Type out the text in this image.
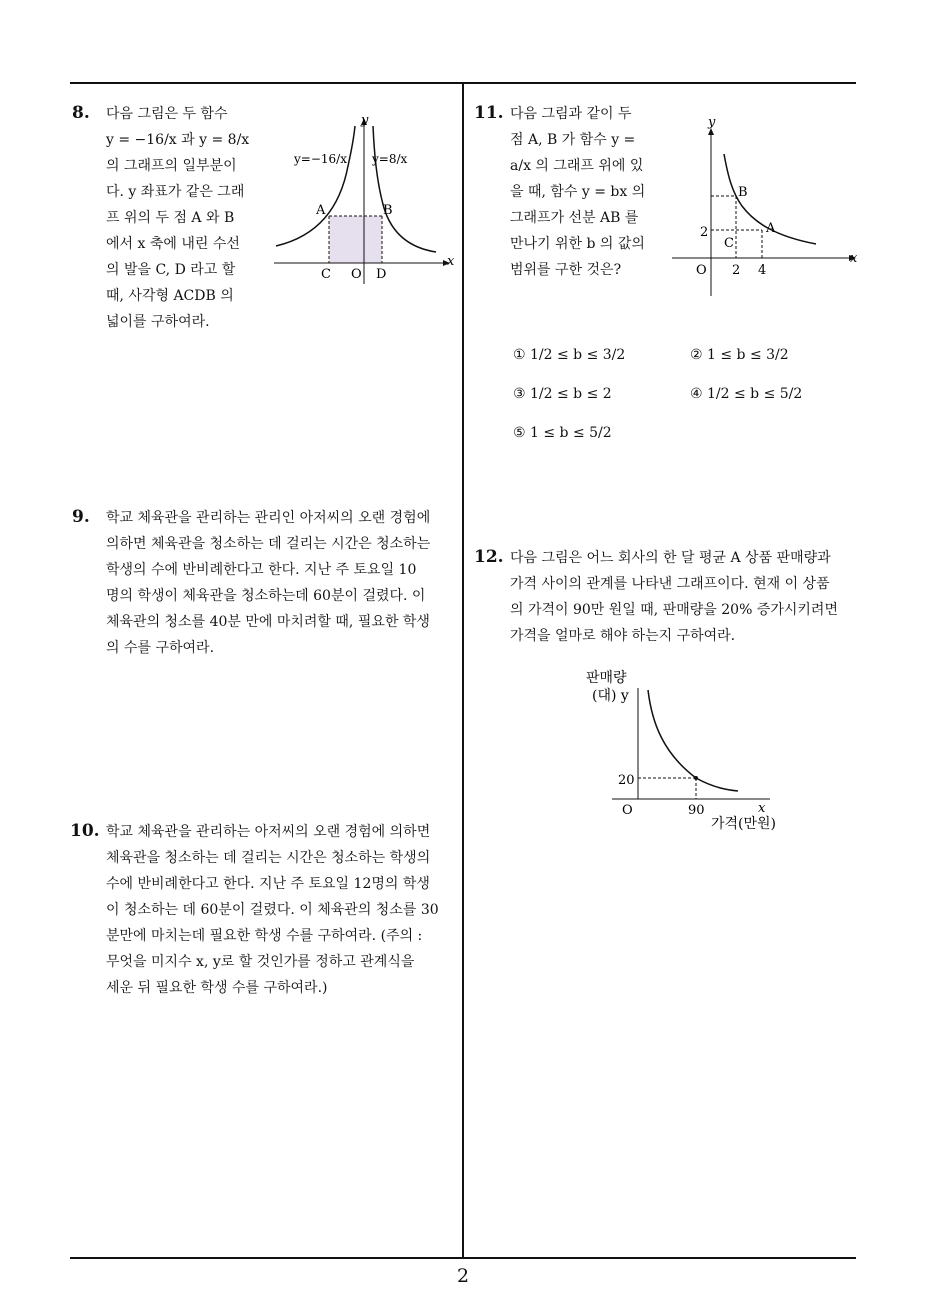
8. 다음 그림은 두 함수
y = −16/x 과 y = 8/x
의 그래프의 일부분이
다. y 좌표가 같은 그래
프 위의 두 점 A 와 B
에서 x 축에 내린 수선
의 발을 C, D 라고 할
때, 사각형 ACDB 의
넓이를 구하여라.
y
x
y=−16/x y=8/x
A	B
C O D
9. 학교 체육관을 관리하는 관리인 아저씨의 오랜 경험에
의하면 체육관을 청소하는 데 걸리는 시간은 청소하는
학생의 수에 반비례한다고 한다. 지난 주 토요일 10
명의 학생이 체육관을 청소하는데 60분이 걸렸다. 이
체육관의 청소를 40분 만에 마치려할 때, 필요한 학생
의 수를 구하여라.
10. 학교 체육관을 관리하는 아저씨의 오랜 경험에 의하면
체육관을 청소하는 데 걸리는 시간은 청소하는 학생의
수에 반비례한다고 한다. 지난 주 토요일 12명의 학생
이 청소하는 데 60분이 걸렸다. 이 체육관의 청소를 30
분만에 마치는데 필요한 학생 수를 구하여라. (주의 :
무엇을 미지수 x, y로 할 것인가를 정하고 관계식을
세운 뒤 필요한 학생 수를 구하여라.)
11. 다음 그림과 같이 두
점 A, B 가 함수 y =
a/x 의 그래프 위에 있
을 때, 함수 y = bx 의
그래프가 선분 AB 를
만나기 위한 b 의 값의
범위를 구한 것은?
y
x
O 2 4
2
B
A
C
① 1/2 ≤ b ≤ 3/2	② 1 ≤ b ≤ 3/2
③ 1/2 ≤ b ≤ 2	④ 1/2 ≤ b ≤ 5/2
⑤ 1 ≤ b ≤ 5/2
12. 다음 그림은 어느 회사의 한 달 평균 A 상품 판매량과
가격 사이의 관계를 나타낸 그래프이다. 현재 이 상품
의 가격이 90만 원일 때, 판매량을 20% 증가시키려면
가격을 얼마로 해야 하는지 구하여라.
판매량
(대) y
20
O	90	x
가격(만원)
2
